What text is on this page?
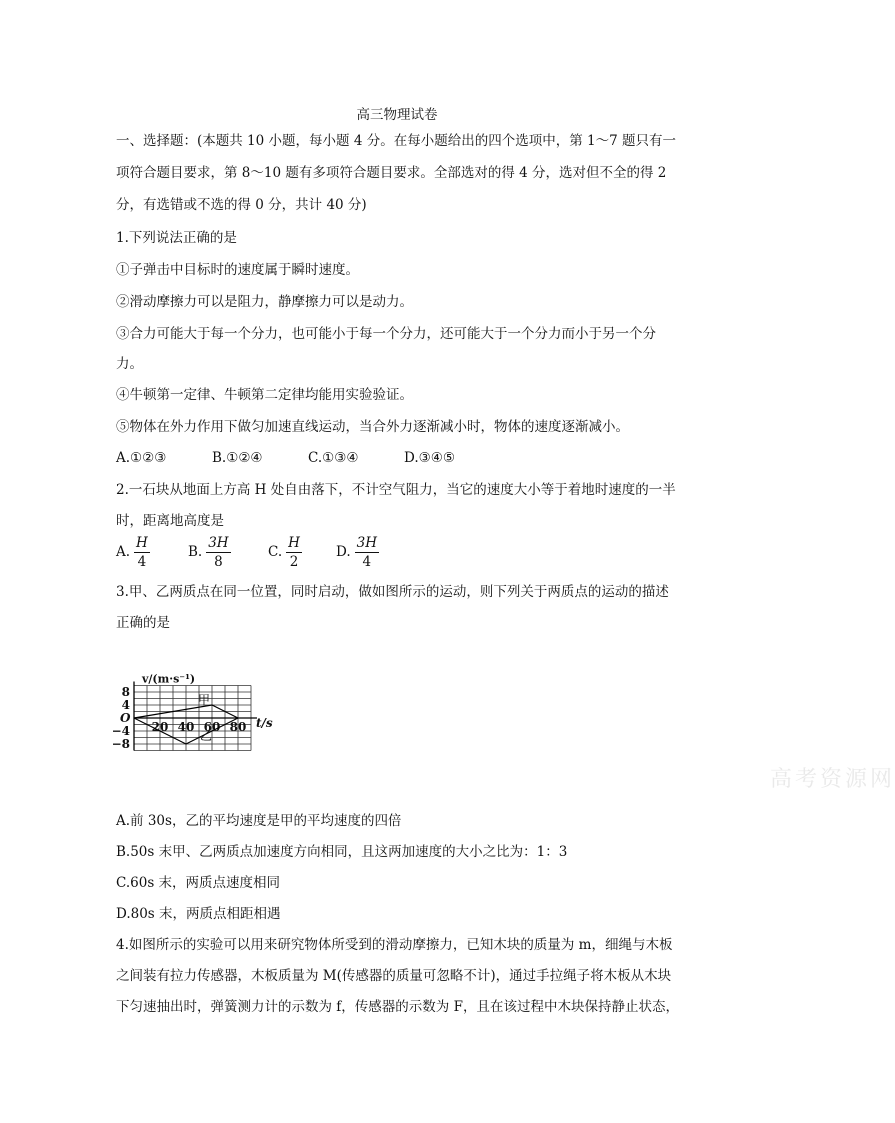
高三物理试卷
一、选择题：(本题共 10 小题，每小题 4 分。在每小题给出的四个选项中，第 1～7 题只有一
项符合题目要求，第 8～10 题有多项符合题目要求。全部选对的得 4 分，选对但不全的得 2
分，有选错或不选的得 0 分，共计 40 分)
1.下列说法正确的是
①子弹击中目标时的速度属于瞬时速度。
②滑动摩擦力可以是阻力，静摩擦力可以是动力。
③合力可能大于每一个分力，也可能小于每一个分力，还可能大于一个分力而小于另一个分
力。
④牛顿第一定律、牛顿第二定律均能用实验验证。
⑤物体在外力作用下做匀加速直线运动，当合外力逐渐减小时，物体的速度逐渐减小。
A.①②③	B.①②④	C.①③④	D.③④⑤
2.一石块从地面上方高 H 处自由落下，不计空气阻力，当它的速度大小等于着地时速度的一半
时，距离地高度是
A. $\frac{H}{4}$	B. $\frac{3H}{8}$	C. $\frac{H}{2}$	D. $\frac{3H}{4}$
3.甲、乙两质点在同一位置，同时启动，做如图所示的运动，则下列关于两质点的运动的描述
正确的是
8
4
−4
−8
20 40 60 80
O
v/(m·s⁻¹)
t/s
甲
乙
高考资源网
A.前 30s，乙的平均速度是甲的平均速度的四倍
B.50s 末甲、乙两质点加速度方向相同，且这两加速度的大小之比为：1：3
C.60s 末，两质点速度相同
D.80s 末，两质点相距相遇
4.如图所示的实验可以用来研究物体所受到的滑动摩擦力，已知木块的质量为 m，细绳与木板
之间装有拉力传感器，木板质量为 M(传感器的质量可忽略不计)，通过手拉绳子将木板从木块
下匀速抽出时，弹簧测力计的示数为 f，传感器的示数为 F，且在该过程中木块保持静止状态，
